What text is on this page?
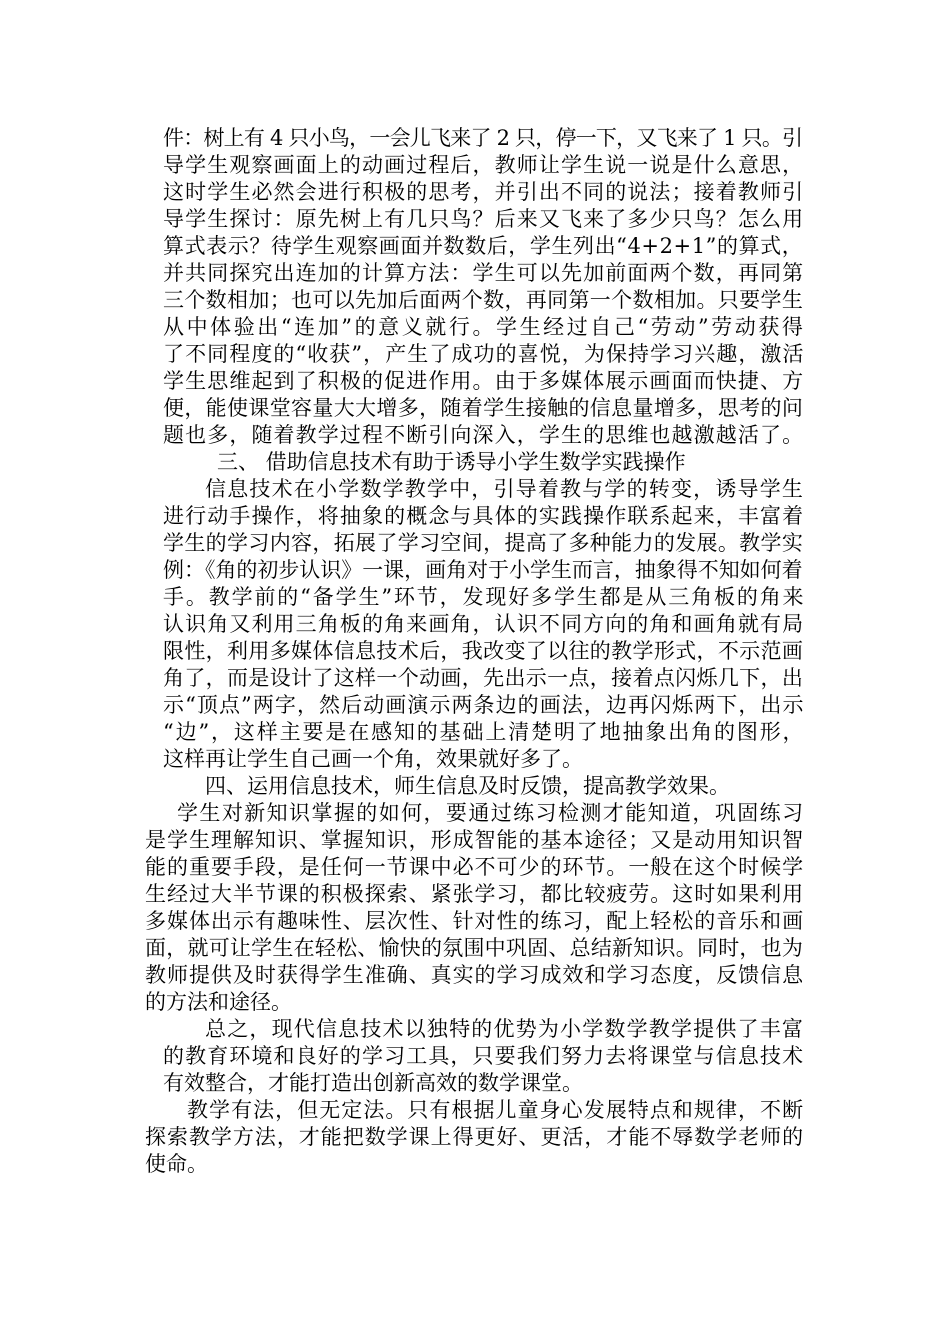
件：树上有 4 只小鸟，一会儿飞来了 2 只，停一下，又飞来了 1 只。引
导学生观察画面上的动画过程后，教师让学生说一说是什么意思，
这时学生必然会进行积极的思考，并引出不同的说法；接着教师引
导学生探讨：原先树上有几只鸟？后来又飞来了多少只鸟？怎么用
算式表示？待学生观察画面并数数后，学生列出“4+2+1”的算式，
并共同探究出连加的计算方法：学生可以先加前面两个数，再同第
三个数相加；也可以先加后面两个数，再同第一个数相加。只要学生
从中体验出“连加”的意义就行。学生经过自己“劳动”劳动获得
了不同程度的“收获”，产生了成功的喜悦，为保持学习兴趣，激活
学生思维起到了积极的促进作用。由于多媒体展示画面而快捷、方
便，能使课堂容量大大增多，随着学生接触的信息量增多，思考的问
题也多，随着教学过程不断引向深入，学生的思维也越激越活了。
三、 借助信息技术有助于诱导小学生数学实践操作
信息技术在小学数学教学中，引导着教与学的转变，诱导学生
进行动手操作，将抽象的概念与具体的实践操作联系起来，丰富着
学生的学习内容，拓展了学习空间，提高了多种能力的发展。教学实
例：《角的初步认识》一课，画角对于小学生而言，抽象得不知如何着
手。教学前的“备学生”环节，发现好多学生都是从三角板的角来
认识角又利用三角板的角来画角，认识不同方向的角和画角就有局
限性，利用多媒体信息技术后，我改变了以往的教学形式，不示范画
角了，而是设计了这样一个动画，先出示一点，接着点闪烁几下，出
示“顶点”两字，然后动画演示两条边的画法，边再闪烁两下，出示
“边”，这样主要是在感知的基础上清楚明了地抽象出角的图形，
这样再让学生自己画一个角，效果就好多了。
四、运用信息技术，师生信息及时反馈，提高教学效果。
学生对新知识掌握的如何，要通过练习检测才能知道，巩固练习
是学生理解知识、掌握知识，形成智能的基本途径；又是动用知识智
能的重要手段，是任何一节课中必不可少的环节。一般在这个时候学
生经过大半节课的积极探索、紧张学习，都比较疲劳。这时如果利用
多媒体出示有趣味性、层次性、针对性的练习，配上轻松的音乐和画
面，就可让学生在轻松、愉快的氛围中巩固、总结新知识。同时，也为
教师提供及时获得学生准确、真实的学习成效和学习态度，反馈信息
的方法和途径。
总之，现代信息技术以独特的优势为小学数学教学提供了丰富
的教育环境和良好的学习工具，只要我们努力去将课堂与信息技术
有效整合，才能打造出创新高效的数学课堂。
教学有法，但无定法。只有根据儿童身心发展特点和规律，不断
探索教学方法，才能把数学课上得更好、更活，才能不辱数学老师的
使命。
